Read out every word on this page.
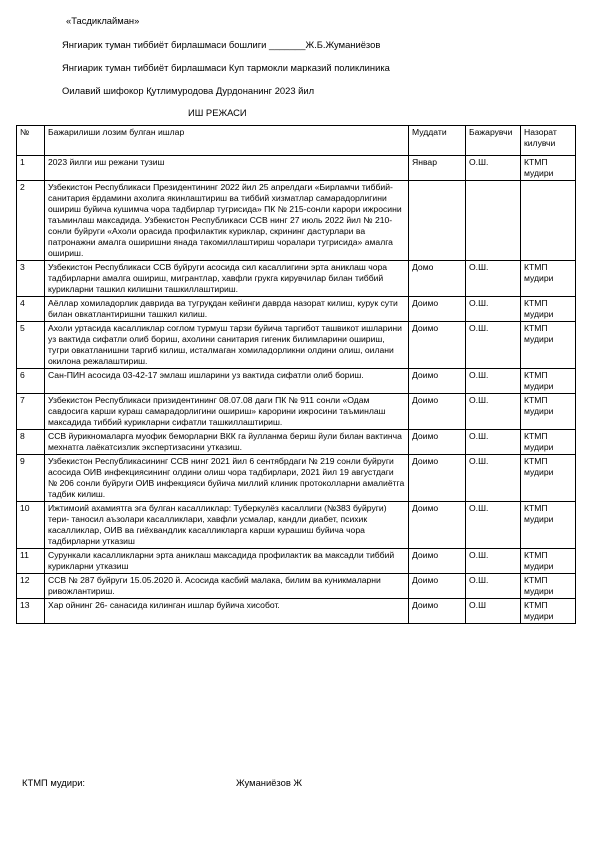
«Тасдиклайман»
Янгиарик туман тиббиёт бирлашмаси бошлиги _______Ж.Б.Жуманиёзов
Янгиарик туман тиббиёт бирлашмаси Куп тармокли марказий поликлиника
Оилавий шифокор Қутлимуродова Дурдонанинг 2023 йил
ИШ РЕЖАСИ
№	Бажарилиши лозим булган ишлар	Муддати	Бажарувчи	Назорат килувчи
1	2023 йилги иш режани тузиш	Январ	О.Ш.	КТМП мудири
2	Узбекистон Республикаси Президентининг 2022 йил 25 апрелдаги «Бирламчи тиббий-санитария ёрдамини ахолига якинлаштириш ва тиббий хизматлар самарадорлигини ошириш буйича кушимча чора тадбирлар тугрисида» ПК № 215-сонли карори ижросини таъминлаш максадида. Узбекистон Республикаси ССВ нинг 27 июль 2022 йил № 210-сонли буйруги «Ахоли орасида профилактик куриклар, скрининг дастурлари ва патронажни амалга оширишни янада такомиллаштириш чоралари тугрисида» амалга ошириш.			
3	Узбекистон Республикаси ССВ буйруги асосида сил касаллигини эрта аниклаш чора тадбирларни амалга ошириш, мигрантлар, хавфли грукга кирувчилар билан тиббий курикларни ташкил килишни ташкиллаштириш.	Домо	О.Ш.	КТМП мудири
4	Аёллар хомиладорлик даврида ва тугруқдан кейинги даврда назорат килиш, курук сути билан овкатлантиришни ташкил килиш.	Доимо	О.Ш.	КТМП мудири
5	Ахоли уртасида касалликлар соглом турмуш тарзи буйича таргибот ташвикот ишларини уз вактида сифатли олиб бориш, ахолини санитария гигеник билимларини ошириш, тугри овкатланишни таргиб килиш, исталмаган хомиладорликни олдини олиш, оилани окилона режалаштириш.	Доимо	О.Ш.	КТМП мудири
6	Сан-ПИН асосида 03-42-17 эмлаш ишларини уз вактида сифатли олиб бориш.	Доимо	О.Ш.	КТМП мудири
7	Узбекистон Республикаси призидентининг 08.07.08 даги ПК № 911 сонли «Одам савдосига карши кураш самарадорлигини ошириш» карорини ижросини таъминлаш максадида тиббий курикларни сифатли ташкиллаштириш.	Доимо	О.Ш.	КТМП мудири
8	ССВ йурикномаларга муофик беморларни ВКК га йулланма бериш йули билан вактинча мехнатга лаёкатсизлик экспертизасини утказиш.	Доимо	О.Ш.	КТМП мудири
9	Узбекистон Республикасининг ССВ нинг 2021 йил 6 сентябрдаги № 219 сонли буйруги асосида ОИВ инфекциясининг олдини олиш чора тадбирлари, 2021 йил 19 августдаги № 206 сонли буйруги ОИВ инфекцияси буйича миллий клиник протоколларни амалиётга тадбик килиш.	Доимо	О.Ш.	КТМП мудири
10	Ижтимоий ахамиятга эга булган касалликлар: Туберкулёз касаллиги (№383 буйруги) тери- таносил аъзолари касалликлари, хавфли усмалар, кандли диабет, психик касалликлар, ОИВ ва гиёхвандлик касалликларга карши курашиш буйича чора тадбирларни утказиш	Доимо	О.Ш.	КТМП мудири
11	Сурункали касалликларни эрта аниклаш максадида профилактик ва максадли тиббий курикларни утказиш	Доимо	О.Ш.	КТМП мудири
12	ССВ № 287 буйруги 15.05.2020 й. Асосида касбий малака, билим ва куникмаларни ривожлантириш.	Доимо	О.Ш.	КТМП мудири
13	Хар ойнинг 26- санасида килинган ишлар буйича хисобот.	Доимо	О.Ш	КТМП мудири
КТМП мудири:	Жуманиёзов Ж
